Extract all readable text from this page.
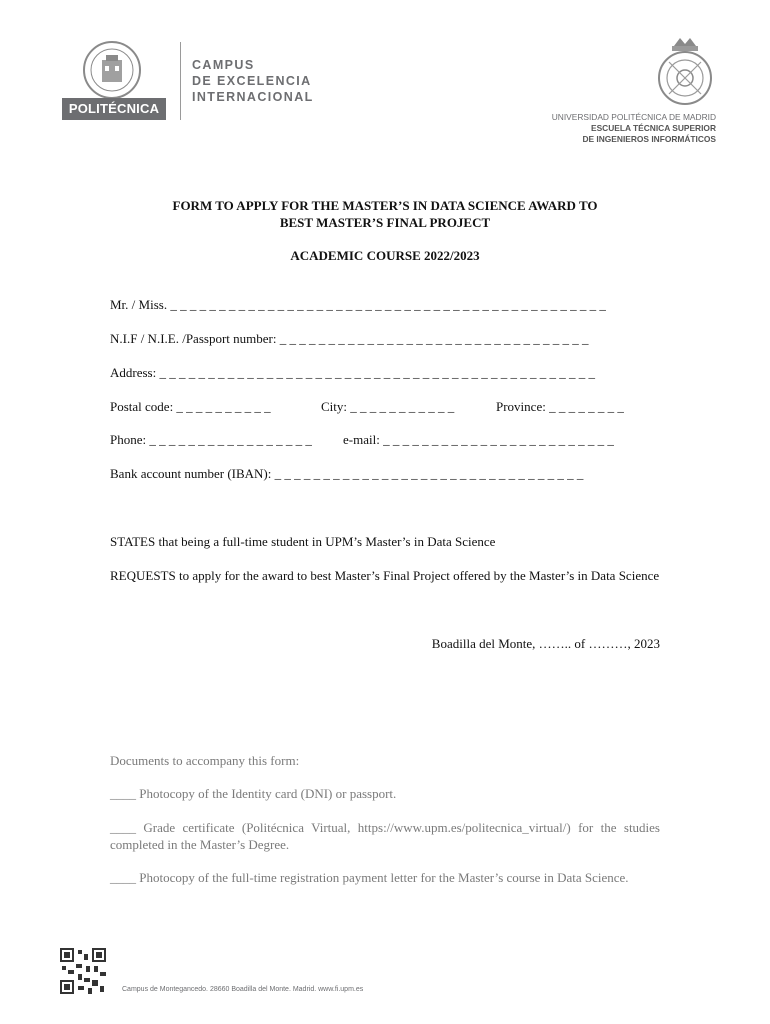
POLITÉCNICA
CAMPUS
DE EXCELENCIA
INTERNACIONAL
UNIVERSIDAD POLITÉCNICA DE MADRID
ESCUELA TÉCNICA SUPERIOR
DE INGENIEROS INFORMÁTICOS
FORM TO APPLY FOR THE MASTER’S IN DATA SCIENCE AWARD TO
BEST MASTER’S FINAL PROJECT
ACADEMIC COURSE 2022/2023
Mr. / Miss. _ _ _ _ _ _ _ _ _ _ _ _ _ _ _ _ _ _ _ _ _ _ _ _ _ _ _ _ _ _ _ _ _ _ _ _ _ _ _ _ _ _ _ _ _
N.I.F / N.I.E. /Passport number: _ _ _ _ _ _ _ _ _ _ _ _ _ _ _ _ _ _ _ _ _ _ _ _ _ _ _ _ _ _ _ _
Address: _ _ _ _ _ _ _ _ _ _ _ _ _ _ _ _ _ _ _ _ _ _ _ _ _ _ _ _ _ _ _ _ _ _ _ _ _ _ _ _ _ _ _ _ _
Postal code: _ _ _ _ _ _ _ _ _ _	City: _ _ _ _ _ _ _ _ _ _ _	Province: _ _ _ _ _ _ _ _
Phone: _ _ _ _ _ _ _ _ _ _ _ _ _ _ _ _ _ e-mail: _ _ _ _ _ _ _ _ _ _ _ _ _ _ _ _ _ _ _ _ _ _ _ _
Bank account number (IBAN): _ _ _ _ _ _ _ _ _ _ _ _ _ _ _ _ _ _ _ _ _ _ _ _ _ _ _ _ _ _ _ _
STATES that being a full-time student in UPM’s Master’s in Data Science
REQUESTS to apply for the award to best Master’s Final Project offered by the Master’s in Data Science
Boadilla del Monte, …….. of ………, 2023
Documents to accompany this form:
____ Photocopy of the Identity card (DNI) or passport.
____ Grade certificate (Politécnica Virtual, https://www.upm.es/politecnica_virtual/) for the studies completed in the Master’s Degree.
____ Photocopy of the full-time registration payment letter for the Master’s course in Data Science.
Campus de Montegancedo. 28660 Boadilla del Monte. Madrid. www.fi.upm.es
